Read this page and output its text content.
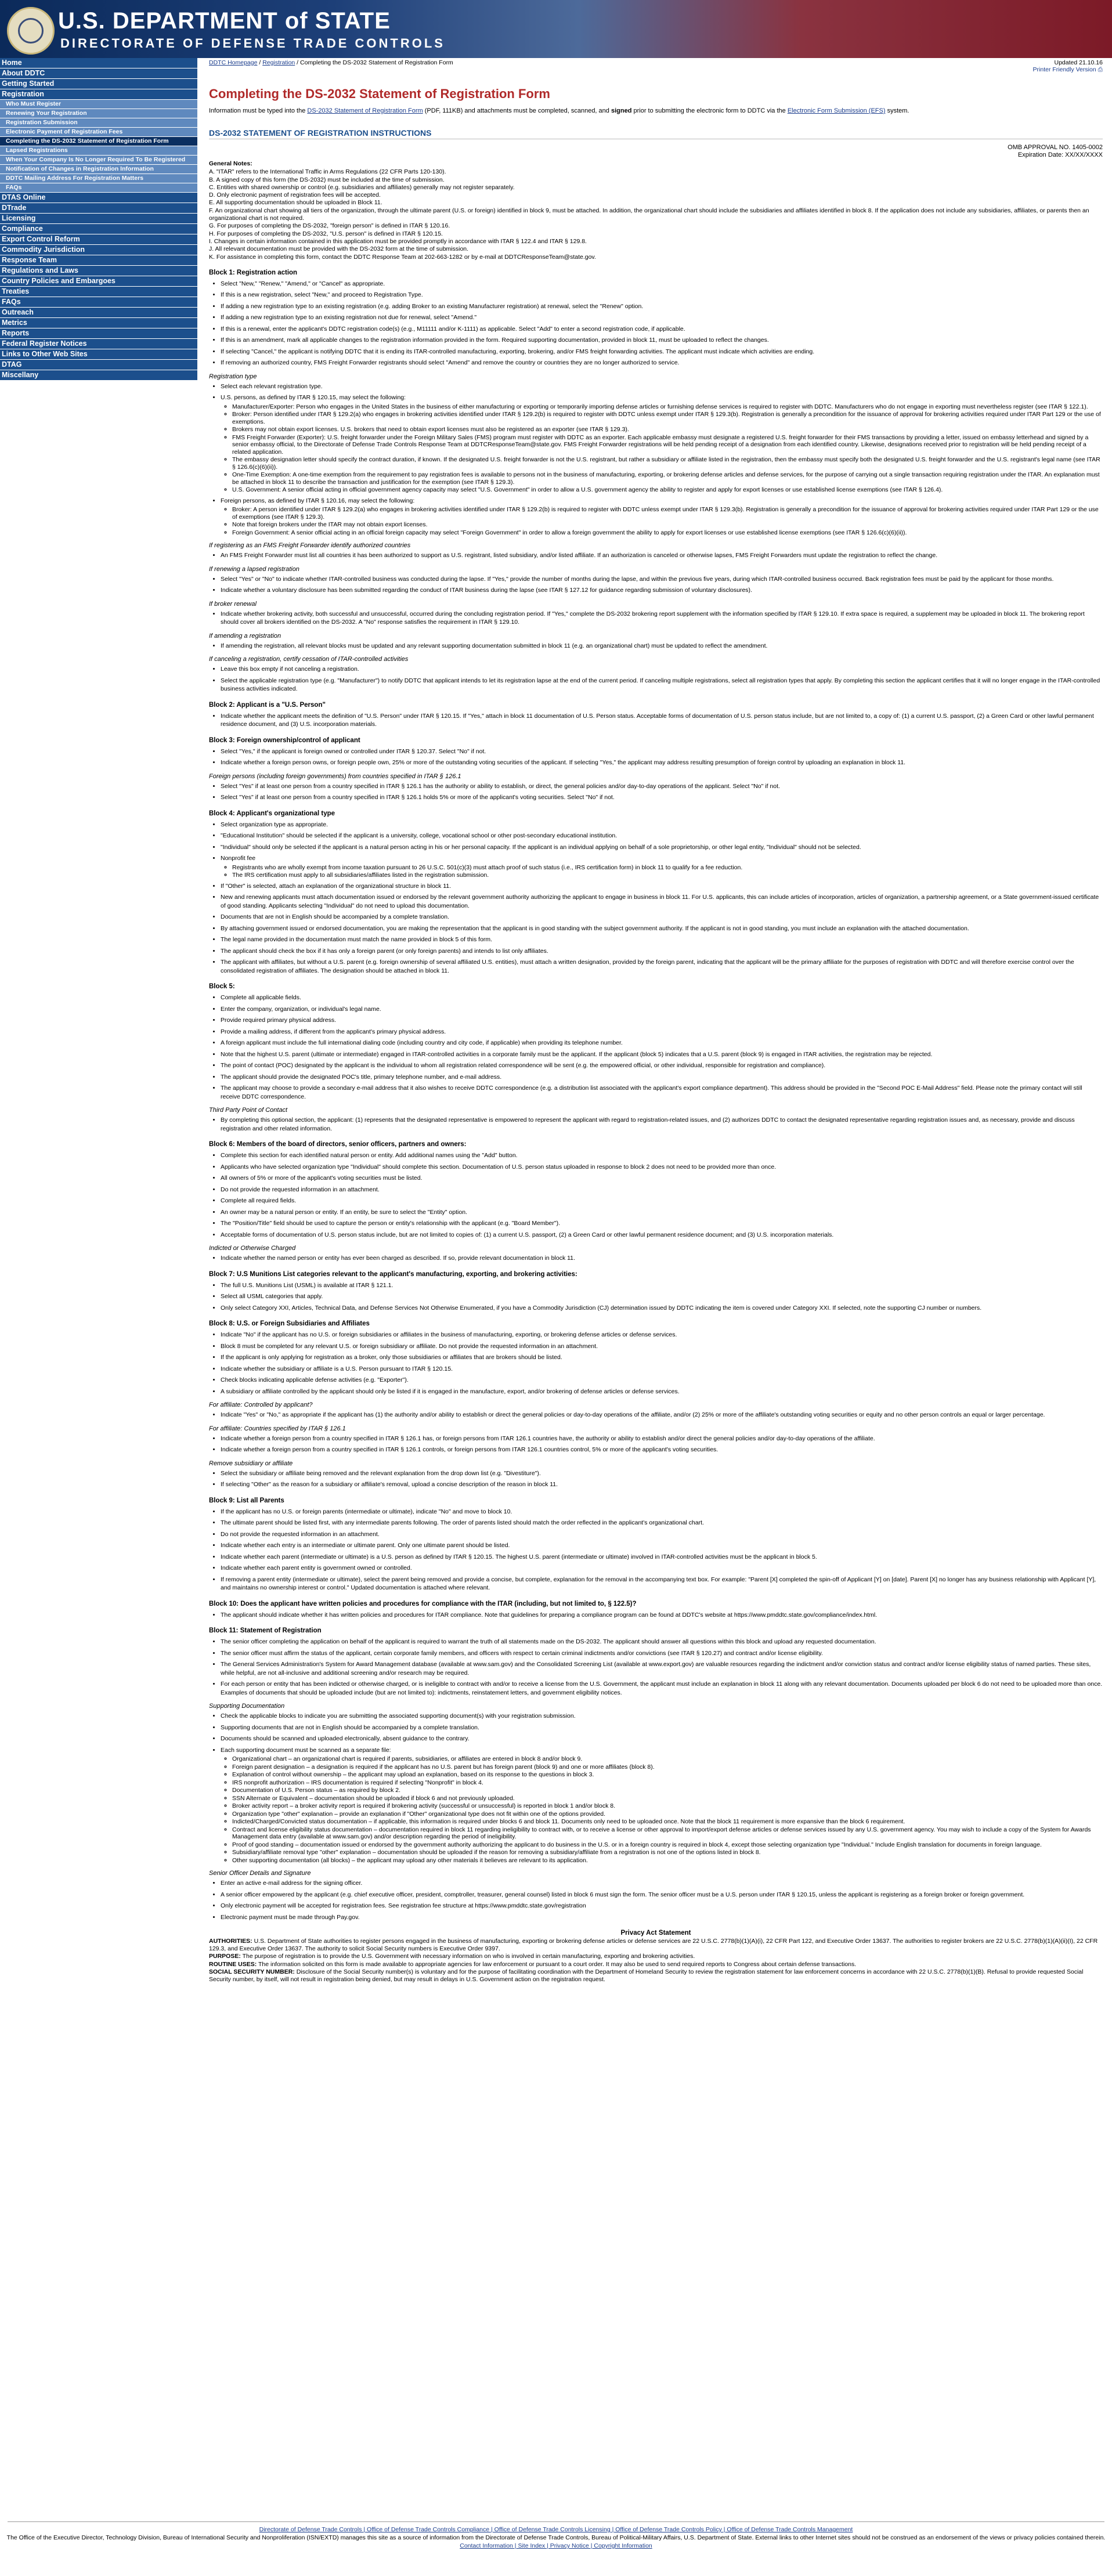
U.S. DEPARTMENT of STATE
DIRECTORATE OF DEFENSE TRADE CONTROLS
Home
About DDTC
Getting Started
Registration
Who Must Register
Renewing Your Registration
Registration Submission
Electronic Payment of Registration Fees
Completing the DS-2032 Statement of Registration Form
Lapsed Registrations
When Your Company Is No Longer Required To Be Registered
Notification of Changes in Registration Information
DDTC Mailing Address For Registration Matters
FAQs
DTAS Online
DTrade
Licensing
Compliance
Export Control Reform
Commodity Jurisdiction
Response Team
Regulations and Laws
Country Policies and Embargoes
Treaties
FAQs
Outreach
Metrics
Reports
Federal Register Notices
Links to Other Web Sites
DTAG
Miscellany
DDTC Homepage / Registration / Completing the DS-2032 Statement of Registration Form	Updated 21.10.16
Printer Friendly Version ⎙
Completing the DS-2032 Statement of Registration Form
Information must be typed into the DS-2032 Statement of Registration Form (PDF, 111KB) and attachments must be completed, scanned, and signed prior to submitting the electronic form to DDTC via the Electronic Form Submission (EFS) system.
DS-2032 STATEMENT OF REGISTRATION INSTRUCTIONS
OMB APPROVAL NO. 1405-0002
Expiration Date: XX/XX/XXXX
General Notes:
A. "ITAR" refers to the International Traffic in Arms Regulations (22 CFR Parts 120-130).
B. A signed copy of this form (the DS-2032) must be included at the time of submission.
C. Entities with shared ownership or control (e.g. subsidiaries and affiliates) generally may not register separately.
D. Only electronic payment of registration fees will be accepted.
E. All supporting documentation should be uploaded in Block 11.
F. An organizational chart showing all tiers of the organization, through the ultimate parent (U.S. or foreign) identified in block 9, must be attached. In addition, the organizational chart should include the subsidiaries and affiliates identified in block 8. If the application does not include any subsidiaries, affiliates, or parents then an organizational chart is not required.
G. For purposes of completing the DS-2032, "foreign person" is defined in ITAR § 120.16.
H. For purposes of completing the DS-2032, "U.S. person" is defined in ITAR § 120.15.
I. Changes in certain information contained in this application must be provided promptly in accordance with ITAR § 122.4 and ITAR § 129.8.
J. All relevant documentation must be provided with the DS-2032 form at the time of submission.
K. For assistance in completing this form, contact the DDTC Response Team at 202-663-1282 or by e-mail at DDTCResponseTeam@state.gov.
Block 1: Registration action
• Select "New," "Renew," "Amend," or "Cancel" as appropriate.
• If this is a new registration, select "New," and proceed to Registration Type.
• If adding a new registration type to an existing registration (e.g. adding Broker to an existing Manufacturer registration) at renewal, select the "Renew" option.
• If adding a new registration type to an existing registration not due for renewal, select "Amend."
• If this is a renewal, enter the applicant's DDTC registration code(s) (e.g., M11111 and/or K-1111) as applicable. Select "Add" to enter a second registration code, if applicable.
• If this is an amendment, mark all applicable changes to the registration information provided in the form. Required supporting documentation, provided in block 11, must be uploaded to reflect the changes.
• If selecting "Cancel," the applicant is notifying DDTC that it is ending its ITAR-controlled manufacturing, exporting, brokering, and/or FMS freight forwarding activities. The applicant must indicate which activities are ending.
• If removing an authorized country, FMS Freight Forwarder registrants should select "Amend" and remove the country or countries they are no longer authorized to service.
Registration type
• Select each relevant registration type.
• U.S. persons, as defined by ITAR § 120.15, may select the following:
◦ Manufacturer/Exporter: Person who engages in the United States in the business of either manufacturing or exporting or temporarily importing defense articles or furnishing defense services is required to register with DDTC. Manufacturers who do not engage in exporting must nevertheless register (see ITAR § 122.1).
◦ Broker: Person identified under ITAR § 129.2(a) who engages in brokering activities identified under ITAR § 129.2(b) is required to register with DDTC unless exempt under ITAR § 129.3(b). Registration is generally a precondition for the issuance of approval for brokering activities required under ITAR Part 129 or the use of exemptions.
◦ Brokers may not obtain export licenses. U.S. brokers that need to obtain export licenses must also be registered as an exporter (see ITAR § 129.3).
◦ FMS Freight Forwarder (Exporter): U.S. freight forwarder under the Foreign Military Sales (FMS) program must register with DDTC as an exporter. Each applicable embassy must designate a registered U.S. freight forwarder for their FMS transactions by providing a letter, issued on embassy letterhead and signed by a senior embassy official, to the Directorate of Defense Trade Controls Response Team at DDTCResponseTeam@state.gov. FMS Freight Forwarder registrations will be held pending receipt of a designation from each identified country. Likewise, designations received prior to registration will be held pending receipt of a related application.
◦ The embassy designation letter should specify the contract duration, if known. If the designated U.S. freight forwarder is not the U.S. registrant, but rather a subsidiary or affiliate listed in the registration, then the embassy must specify both the designated U.S. freight forwarder and the U.S. registrant's legal name (see ITAR § 126.6(c)(6)(ii)).
◦ One-Time Exemption: A one-time exemption from the requirement to pay registration fees is available to persons not in the business of manufacturing, exporting, or brokering defense articles and defense services, for the purpose of carrying out a single transaction requiring registration under the ITAR. An explanation must be attached in block 11 to describe the transaction and justification for the exemption (see ITAR § 129.3).
◦ U.S. Government: A senior official acting in official government agency capacity may select "U.S. Government" in order to allow a U.S. government agency the ability to register and apply for export licenses or use established license exemptions (see ITAR § 126.4).
• Foreign persons, as defined by ITAR § 120.16, may select the following:
◦ Broker: A person identified under ITAR § 129.2(a) who engages in brokering activities identified under ITAR § 129.2(b) is required to register with DDTC unless exempt under ITAR § 129.3(b). Registration is generally a precondition for the issuance of approval for brokering activities required under ITAR Part 129 or the use of exemptions (see ITAR § 129.3).
◦ Note that foreign brokers under the ITAR may not obtain export licenses.
◦ Foreign Government: A senior official acting in an official foreign capacity may select "Foreign Government" in order to allow a foreign government the ability to apply for export licenses or use established license exemptions (see ITAR § 126.6(c)(6)(ii)).
If registering as an FMS Freight Forwarder identify authorized countries
• An FMS Freight Forwarder must list all countries it has been authorized to support as U.S. registrant, listed subsidiary, and/or listed affiliate. If an authorization is canceled or otherwise lapses, FMS Freight Forwarders must update the registration to reflect the change.
If renewing a lapsed registration
• Select "Yes" or "No" to indicate whether ITAR-controlled business was conducted during the lapse. If "Yes," provide the number of months during the lapse, and within the previous five years, during which ITAR-controlled business occurred. Back registration fees must be paid by the applicant for those months.
• Indicate whether a voluntary disclosure has been submitted regarding the conduct of ITAR business during the lapse (see ITAR § 127.12 for guidance regarding submission of voluntary disclosures).
If broker renewal
• Indicate whether brokering activity, both successful and unsuccessful, occurred during the concluding registration period. If "Yes," complete the DS-2032 brokering report supplement with the information specified by ITAR § 129.10. If extra space is required, a supplement may be uploaded in block 11. The brokering report should cover all brokers identified on the DS-2032. A "No" response satisfies the requirement in ITAR § 129.10.
If amending a registration
• If amending the registration, all relevant blocks must be updated and any relevant supporting documentation submitted in block 11 (e.g. an organizational chart) must be updated to reflect the amendment.
If canceling a registration, certify cessation of ITAR-controlled activities
• Leave this box empty if not canceling a registration.
• Select the applicable registration type (e.g. "Manufacturer") to notify DDTC that applicant intends to let its registration lapse at the end of the current period. If canceling multiple registrations, select all registration types that apply. By completing this section the applicant certifies that it will no longer engage in the ITAR-controlled business activities indicated.
Block 2: Applicant is a "U.S. Person"
• Indicate whether the applicant meets the definition of "U.S. Person" under ITAR § 120.15. If "Yes," attach in block 11 documentation of U.S. Person status. Acceptable forms of documentation of U.S. person status include, but are not limited to, a copy of: (1) a current U.S. passport, (2) a Green Card or other lawful permanent residence document, and (3) U.S. incorporation materials.
Block 3: Foreign ownership/control of applicant
• Select "Yes," if the applicant is foreign owned or controlled under ITAR § 120.37. Select "No" if not.
• Indicate whether a foreign person owns, or foreign people own, 25% or more of the outstanding voting securities of the applicant. If selecting "Yes," the applicant may address resulting presumption of foreign control by uploading an explanation in block 11.
Foreign persons (including foreign governments) from countries specified in ITAR § 126.1
• Select "Yes" if at least one person from a country specified in ITAR § 126.1 has the authority or ability to establish, or direct, the general policies and/or day-to-day operations of the applicant. Select "No" if not.
• Select "Yes" if at least one person from a country specified in ITAR § 126.1 holds 5% or more of the applicant's voting securities. Select "No" if not.
Block 4: Applicant's organizational type
• Select organization type as appropriate.
• "Educational Institution" should be selected if the applicant is a university, college, vocational school or other post-secondary educational institution.
• "Individual" should only be selected if the applicant is a natural person acting in his or her personal capacity. If the applicant is an individual applying on behalf of a sole proprietorship, or other legal entity, "Individual" should not be selected.
• Nonprofit fee
◦ Registrants who are wholly exempt from income taxation pursuant to 26 U.S.C. 501(c)(3) must attach proof of such status (i.e., IRS certification form) in block 11 to qualify for a fee reduction.
◦ The IRS certification must apply to all subsidiaries/affiliates listed in the registration submission.
• If "Other" is selected, attach an explanation of the organizational structure in block 11.
• New and renewing applicants must attach documentation issued or endorsed by the relevant government authority authorizing the applicant to engage in business in block 11. For U.S. applicants, this can include articles of incorporation, articles of organization, a partnership agreement, or a State government-issued certificate of good standing. Applicants selecting "Individual" do not need to upload this documentation.
• Documents that are not in English should be accompanied by a complete translation.
• By attaching government issued or endorsed documentation, you are making the representation that the applicant is in good standing with the subject government authority. If the applicant is not in good standing, you must include an explanation with the attached documentation.
• The legal name provided in the documentation must match the name provided in block 5 of this form.
• The applicant should check the box if it has only a foreign parent (or only foreign parents) and intends to list only affiliates.
• The applicant with affiliates, but without a U.S. parent (e.g. foreign ownership of several affiliated U.S. entities), must attach a written designation, provided by the foreign parent, indicating that the applicant will be the primary affiliate for the purposes of registration with DDTC and will therefore exercise control over the consolidated registration of affiliates. The designation should be attached in block 11.
Block 5:
• Complete all applicable fields.
• Enter the company, organization, or individual's legal name.
• Provide required primary physical address.
• Provide a mailing address, if different from the applicant's primary physical address.
• A foreign applicant must include the full international dialing code (including country and city code, if applicable) when providing its telephone number.
• Note that the highest U.S. parent (ultimate or intermediate) engaged in ITAR-controlled activities in a corporate family must be the applicant. If the applicant (block 5) indicates that a U.S. parent (block 9) is engaged in ITAR activities, the registration may be rejected.
• The point of contact (POC) designated by the applicant is the individual to whom all registration related correspondence will be sent (e.g. the empowered official, or other individual, responsible for registration and compliance).
• The applicant should provide the designated POC's title, primary telephone number, and e-mail address.
• The applicant may choose to provide a secondary e-mail address that it also wishes to receive DDTC correspondence (e.g. a distribution list associated with the applicant's export compliance department). This address should be provided in the "Second POC E-Mail Address" field. Please note the primary contact will still receive DDTC correspondence.
Third Party Point of Contact
• By completing this optional section, the applicant: (1) represents that the designated representative is empowered to represent the applicant with regard to registration-related issues, and (2) authorizes DDTC to contact the designated representative regarding registration issues and, as necessary, provide and discuss registration and other related information.
Block 6: Members of the board of directors, senior officers, partners and owners:
• Complete this section for each identified natural person or entity. Add additional names using the "Add" button.
• Applicants who have selected organization type "Individual" should complete this section. Documentation of U.S. person status uploaded in response to block 2 does not need to be provided more than once.
• All owners of 5% or more of the applicant's voting securities must be listed.
• Do not provide the requested information in an attachment.
• Complete all required fields.
• An owner may be a natural person or entity. If an entity, be sure to select the "Entity" option.
• The "Position/Title" field should be used to capture the person or entity's relationship with the applicant (e.g. "Board Member").
• Acceptable forms of documentation of U.S. person status include, but are not limited to copies of: (1) a current U.S. passport, (2) a Green Card or other lawful permanent residence document; and (3) U.S. incorporation materials.
Indicted or Otherwise Charged
• Indicate whether the named person or entity has ever been charged as described. If so, provide relevant documentation in block 11.
Block 7: U.S Munitions List categories relevant to the applicant's manufacturing, exporting, and brokering activities:
• The full U.S. Munitions List (USML) is available at ITAR § 121.1.
• Select all USML categories that apply.
• Only select Category XXI, Articles, Technical Data, and Defense Services Not Otherwise Enumerated, if you have a Commodity Jurisdiction (CJ) determination issued by DDTC indicating the item is covered under Category XXI. If selected, note the supporting CJ number or numbers.
Block 8: U.S. or Foreign Subsidiaries and Affiliates
• Indicate "No" if the applicant has no U.S. or foreign subsidiaries or affiliates in the business of manufacturing, exporting, or brokering defense articles or defense services.
• Block 8 must be completed for any relevant U.S. or foreign subsidiary or affiliate. Do not provide the requested information in an attachment.
• If the applicant is only applying for registration as a broker, only those subsidiaries or affiliates that are brokers should be listed.
• Indicate whether the subsidiary or affiliate is a U.S. Person pursuant to ITAR § 120.15.
• Check blocks indicating applicable defense activities (e.g. "Exporter").
• A subsidiary or affiliate controlled by the applicant should only be listed if it is engaged in the manufacture, export, and/or brokering of defense articles or defense services.
For affiliate: Controlled by applicant?
• Indicate "Yes" or "No," as appropriate if the applicant has (1) the authority and/or ability to establish or direct the general policies or day-to-day operations of the affiliate, and/or (2) 25% or more of the affiliate's outstanding voting securities or equity and no other person controls an equal or larger percentage.
For affiliate: Countries specified by ITAR § 126.1
• Indicate whether a foreign person from a country specified in ITAR § 126.1 has, or foreign persons from ITAR 126.1 countries have, the authority or ability to establish and/or direct the general policies and/or day-to-day operations of the affiliate.
• Indicate whether a foreign person from a country specified in ITAR § 126.1 controls, or foreign persons from ITAR 126.1 countries control, 5% or more of the applicant's voting securities.
Remove subsidiary or affiliate
• Select the subsidiary or affiliate being removed and the relevant explanation from the drop down list (e.g. "Divestiture").
• If selecting "Other" as the reason for a subsidiary or affiliate's removal, upload a concise description of the reason in block 11.
Block 9: List all Parents
• If the applicant has no U.S. or foreign parents (intermediate or ultimate), indicate "No" and move to block 10.
• The ultimate parent should be listed first, with any intermediate parents following. The order of parents listed should match the order reflected in the applicant's organizational chart.
• Do not provide the requested information in an attachment.
• Indicate whether each entry is an intermediate or ultimate parent. Only one ultimate parent should be listed.
• Indicate whether each parent (intermediate or ultimate) is a U.S. person as defined by ITAR § 120.15. The highest U.S. parent (intermediate or ultimate) involved in ITAR-controlled activities must be the applicant in block 5.
• Indicate whether each parent entity is government owned or controlled.
• If removing a parent entity (intermediate or ultimate), select the parent being removed and provide a concise, but complete, explanation for the removal in the accompanying text box. For example: "Parent [X] completed the spin-off of Applicant [Y] on [date]. Parent [X] no longer has any business relationship with Applicant [Y], and maintains no ownership interest or control." Updated documentation is attached where relevant.
Block 10: Does the applicant have written policies and procedures for compliance with the ITAR (including, but not limited to, § 122.5)?
• The applicant should indicate whether it has written policies and procedures for ITAR compliance. Note that guidelines for preparing a compliance program can be found at DDTC's website at https://www.pmddtc.state.gov/compliance/index.html.
Block 11: Statement of Registration
• The senior officer completing the application on behalf of the applicant is required to warrant the truth of all statements made on the DS-2032. The applicant should answer all questions within this block and upload any requested documentation.
• The senior officer must affirm the status of the applicant, certain corporate family members, and officers with respect to certain criminal indictments and/or convictions (see ITAR § 120.27) and contract and/or license eligibility.
• The General Services Administration's System for Award Management database (available at www.sam.gov) and the Consolidated Screening List (available at www.export.gov) are valuable resources regarding the indictment and/or conviction status and contract and/or license eligibility status of named parties. These sites, while helpful, are not all-inclusive and additional screening and/or research may be required.
• For each person or entity that has been indicted or otherwise charged, or is ineligible to contract with and/or to receive a license from the U.S. Government, the applicant must include an explanation in block 11 along with any relevant documentation. Documents uploaded per block 6 do not need to be uploaded more than once. Examples of documents that should be uploaded include (but are not limited to): indictments, reinstatement letters, and government eligibility notices.
Supporting Documentation
• Check the applicable blocks to indicate you are submitting the associated supporting document(s) with your registration submission.
• Supporting documents that are not in English should be accompanied by a complete translation.
• Documents should be scanned and uploaded electronically, absent guidance to the contrary.
• Each supporting document must be scanned as a separate file:
◦ Organizational chart – an organizational chart is required if parents, subsidiaries, or affiliates are entered in block 8 and/or block 9.
◦ Foreign parent designation – a designation is required if the applicant has no U.S. parent but has foreign parent (block 9) and one or more affiliates (block 8).
◦ Explanation of control without ownership – the applicant may upload an explanation, based on its response to the questions in block 3.
◦ IRS nonprofit authorization – IRS documentation is required if selecting "Nonprofit" in block 4.
◦ Documentation of U.S. Person status – as required by block 2.
◦ SSN Alternate or Equivalent – documentation should be uploaded if block 6 and not previously uploaded.
◦ Broker activity report – a broker activity report is required if brokering activity (successful or unsuccessful) is reported in block 1 and/or block 8.
◦ Organization type "other" explanation – provide an explanation if "Other" organizational type does not fit within one of the options provided.
◦ Indicted/Charged/Convicted status documentation – if applicable, this information is required under blocks 6 and block 11. Documents only need to be uploaded once. Note that the block 11 requirement is more expansive than the block 6 requirement.
◦ Contract and license eligibility status documentation – documentation required in block 11 regarding ineligibility to contract with, or to receive a license or other approval to import/export defense articles or defense services issued by any U.S. government agency. You may wish to include a copy of the System for Awards Management data entry (available at www.sam.gov) and/or description regarding the period of ineligibility.
◦ Proof of good standing – documentation issued or endorsed by the government authority authorizing the applicant to do business in the U.S. or in a foreign country is required in block 4, except those selecting organization type "Individual." Include English translation for documents in foreign language.
◦ Subsidiary/affiliate removal type "other" explanation – documentation should be uploaded if the reason for removing a subsidiary/affiliate from a registration is not one of the options listed in block 8.
◦ Other supporting documentation (all blocks) – the applicant may upload any other materials it believes are relevant to its application.
Senior Officer Details and Signature
• Enter an active e-mail address for the signing officer.
• A senior officer empowered by the applicant (e.g. chief executive officer, president, comptroller, treasurer, general counsel) listed in block 6 must sign the form. The senior officer must be a U.S. person under ITAR § 120.15, unless the applicant is registering as a foreign broker or foreign government.
• Only electronic payment will be accepted for registration fees. See registration fee structure at https://www.pmddtc.state.gov/registration
• Electronic payment must be made through Pay.gov.
Privacy Act Statement
AUTHORITIES: U.S. Department of State authorities to register persons engaged in the business of manufacturing, exporting or brokering defense articles or defense services are 22 U.S.C. 2778(b)(1)(A)(i), 22 CFR Part 122, and Executive Order 13637. The authorities to register brokers are 22 U.S.C. 2778(b)(1)(A)(ii)(I), 22 CFR 129.3, and Executive Order 13637. The authority to solicit Social Security numbers is Executive Order 9397.
PURPOSE: The purpose of registration is to provide the U.S. Government with necessary information on who is involved in certain manufacturing, exporting and brokering activities.
ROUTINE USES: The information solicited on this form is made available to appropriate agencies for law enforcement or pursuant to a court order. It may also be used to send required reports to Congress about certain defense transactions.
SOCIAL SECURITY NUMBER: Disclosure of the Social Security number(s) is voluntary and for the purpose of facilitating coordination with the Department of Homeland Security to review the registration statement for law enforcement concerns in accordance with 22 U.S.C. 2778(b)(1)(B). Refusal to provide requested Social Security number, by itself, will not result in registration being denied, but may result in delays in U.S. Government action on the registration request.
Directorate of Defense Trade Controls | Office of Defense Trade Controls Compliance | Office of Defense Trade Controls Licensing | Office of Defense Trade Controls Policy | Office of Defense Trade Controls Management
The Office of the Executive Director, Technology Division, Bureau of International Security and Nonproliferation (ISN/EXTD) manages this site as a source of information from the Directorate of Defense Trade Controls, Bureau of Political-Military Affairs, U.S. Department of State. External links to other Internet sites should not be construed as an endorsement of the views or privacy policies contained therein.
Contact Information | Site Index | Privacy Notice | Copyright Information
